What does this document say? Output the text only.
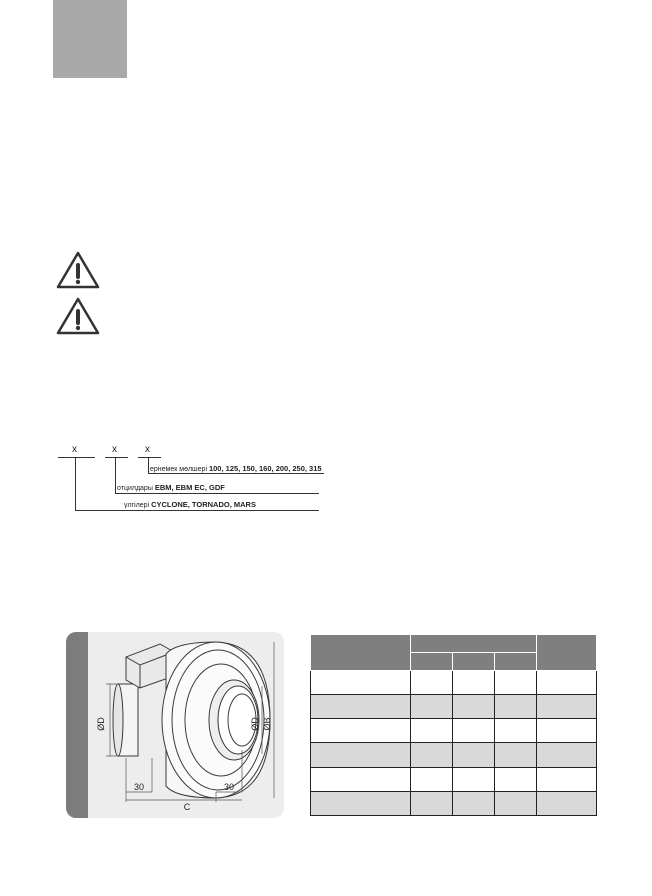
x	x	x
ернемек мөлшері 100, 125, 150, 160, 200, 250, 315
отцилдары EBM, EBM EC, GDF
үлгілері CYCLONE, TORNADO, MARS
ØD	ØD ØB
30
C
30
